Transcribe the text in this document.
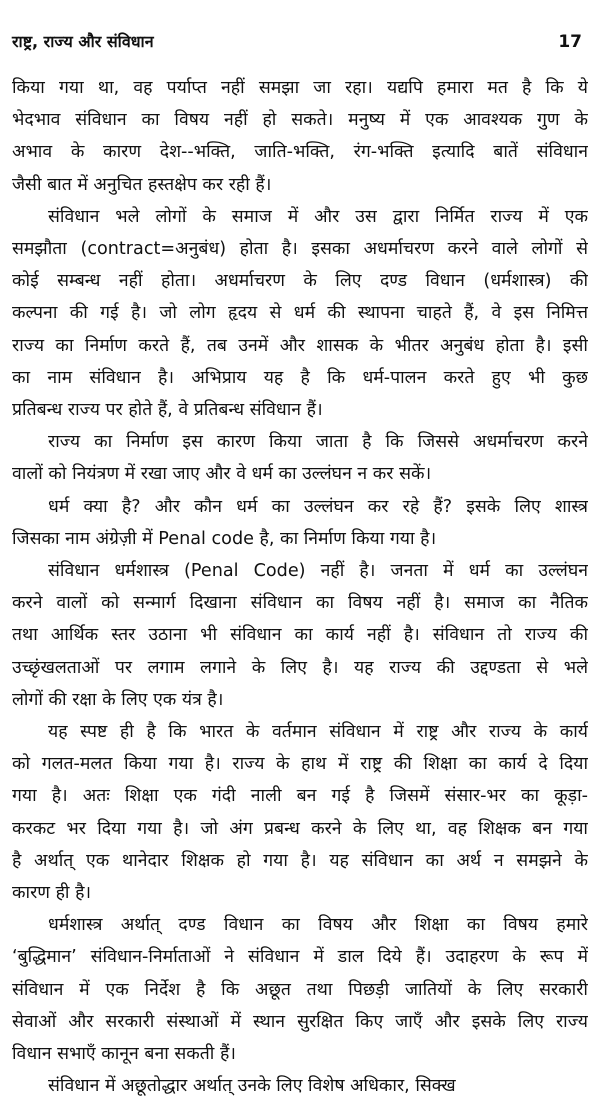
राष्ट्र, राज्य और संविधान	17
किया गया था, वह पर्याप्त नहीं समझा जा रहा। यद्यपि हमारा मत है कि ये
भेदभाव संविधान का विषय नहीं हो सकते। मनुष्य में एक आवश्यक गुण के
अभाव के कारण देश--भक्ति, जाति-भक्ति, रंग-भक्ति इत्यादि बातें संविधान
जैसी बात में अनुचित हस्तक्षेप कर रही हैं।
संविधान भले लोगों के समाज में और उस द्वारा निर्मित राज्य में एक
समझौता (contract=अनुबंध) होता है। इसका अधर्माचरण करने वाले लोगों से
कोई सम्बन्ध नहीं होता। अधर्माचरण के लिए दण्ड विधान (धर्मशास्त्र) की
कल्पना की गई है। जो लोग हृदय से धर्म की स्थापना चाहते हैं, वे इस निमित्त
राज्य का निर्माण करते हैं, तब उनमें और शासक के भीतर अनुबंध होता है। इसी
का नाम संविधान है। अभिप्राय यह है कि धर्म-पालन करते हुए भी कुछ
प्रतिबन्ध राज्य पर होते हैं, वे प्रतिबन्ध संविधान हैं।
राज्य का निर्माण इस कारण किया जाता है कि जिससे अधर्माचरण करने
वालों को नियंत्रण में रखा जाए और वे धर्म का उल्लंघन न कर सकें।
धर्म क्या है? और कौन धर्म का उल्लंघन कर रहे हैं? इसके लिए शास्त्र
जिसका नाम अंग्रेज़ी में Penal code है, का निर्माण किया गया है।
संविधान धर्मशास्त्र (Penal Code) नहीं है। जनता में धर्म का उल्लंघन
करने वालों को सन्मार्ग दिखाना संविधान का विषय नहीं है। समाज का नैतिक
तथा आर्थिक स्तर उठाना भी संविधान का कार्य नहीं है। संविधान तो राज्य की
उच्छृंखलताओं पर लगाम लगाने के लिए है। यह राज्य की उद्दण्डता से भले
लोगों की रक्षा के लिए एक यंत्र है।
यह स्पष्ट ही है कि भारत के वर्तमान संविधान में राष्ट्र और राज्य के कार्य
को गलत-मलत किया गया है। राज्य के हाथ में राष्ट्र की शिक्षा का कार्य दे दिया
गया है। अतः शिक्षा एक गंदी नाली बन गई है जिसमें संसार-भर का कूड़ा-
करकट भर दिया गया है। जो अंग प्रबन्ध करने के लिए था, वह शिक्षक बन गया
है अर्थात् एक थानेदार शिक्षक हो गया है। यह संविधान का अर्थ न समझने के
कारण ही है।
धर्मशास्त्र अर्थात् दण्ड विधान का विषय और शिक्षा का विषय हमारे
‘बुद्धिमान’ संविधान-निर्माताओं ने संविधान में डाल दिये हैं। उदाहरण के रूप में
संविधान में एक निर्देश है कि अछूत तथा पिछड़ी जातियों के लिए सरकारी
सेवाओं और सरकारी संस्थाओं में स्थान सुरक्षित किए जाएँ और इसके लिए राज्य
विधान सभाएँ कानून बना सकती हैं।
संविधान में अछूतोद्धार अर्थात् उनके लिए विशेष अधिकार, सिक्ख
